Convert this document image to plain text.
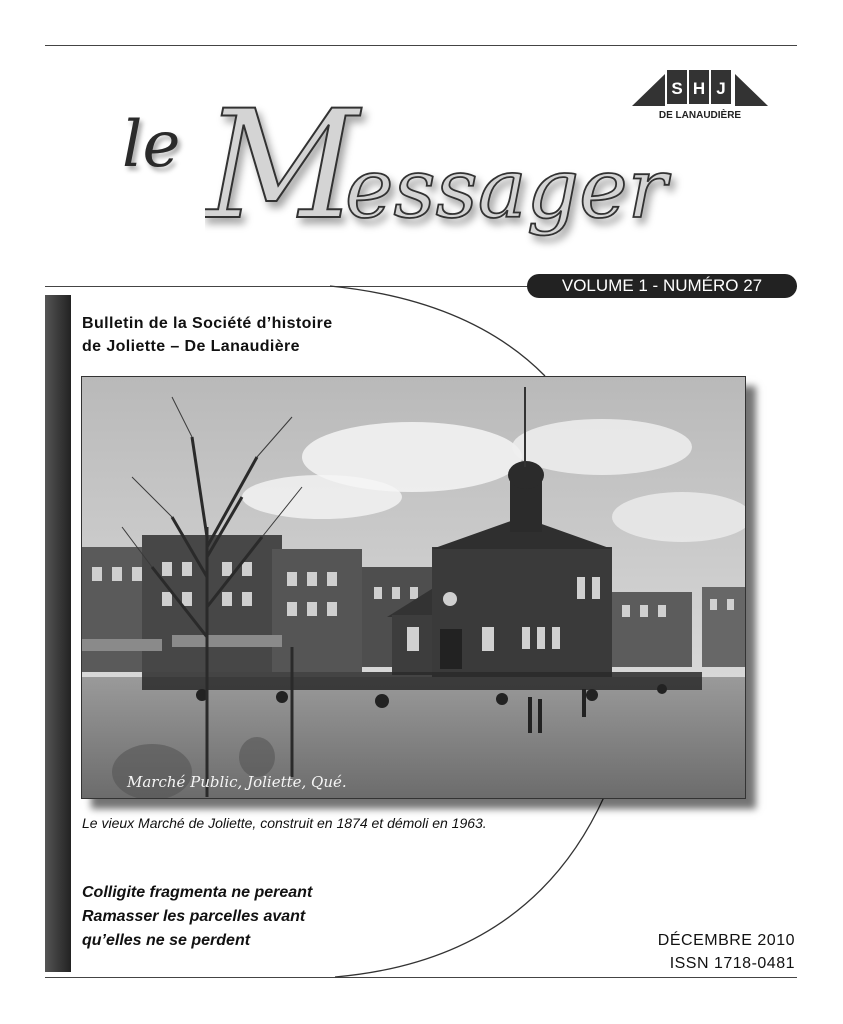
le M
essager
S H J
DE LANAUDIÈRE
VOLUME 1 - NUMÉRO 27
Bulletin de la Société d’histoire
de Joliette – De Lanaudière
Marché Public, Joliette, Qué.
Le vieux Marché de Joliette, construit en 1874 et démoli en 1963.
Colligite fragmenta ne pereant
Ramasser les parcelles avant
qu’elles ne se perdent	DÉCEMBRE 2010
ISSN 1718-0481
